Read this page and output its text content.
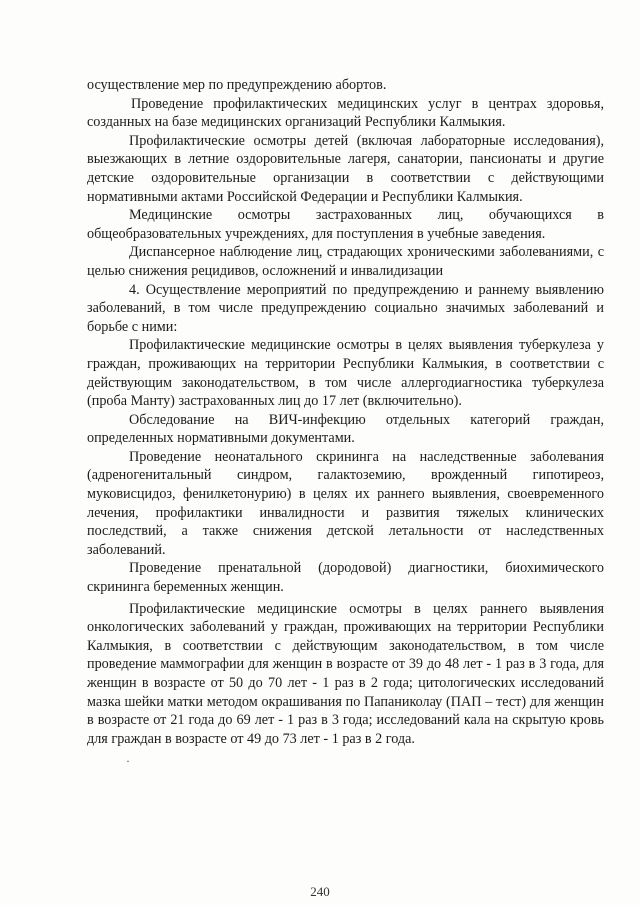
осуществление мер по предупреждению абортов.

Проведение профилактических медицинских услуг в центрах здоровья, созданных на базе медицинских организаций Республики Калмыкия.

Профилактические осмотры детей (включая лабораторные исследования), выезжающих в летние оздоровительные лагеря, санатории, пансионаты и другие детские оздоровительные организации в соответствии с действующими нормативными актами Российской Федерации и Республики Калмыкия.

Медицинские осмотры застрахованных лиц, обучающихся в общеобразовательных учреждениях, для поступления в учебные заведения.

Диспансерное наблюдение лиц, страдающих хроническими заболеваниями, с целью снижения рецидивов, осложнений и инвалидизации

4. Осуществление мероприятий по предупреждению и раннему выявлению заболеваний, в том числе предупреждению социально значимых заболеваний и борьбе с ними:

Профилактические медицинские осмотры в целях выявления туберкулеза у граждан, проживающих на территории Республики Калмыкия, в соответствии с действующим законодательством, в том числе аллергодиагностика туберкулеза (проба Манту) застрахованных лиц до 17 лет (включительно).

Обследование на ВИЧ-инфекцию отдельных категорий граждан, определенных нормативными документами.

Проведение неонатального скрининга на наследственные заболевания (адреногенитальный синдром, галактоземию, врожденный гипотиреоз, муковисцидоз, фенилкетонурию) в целях их раннего выявления, своевременного лечения, профилактики инвалидности и развития тяжелых клинических последствий, а также снижения детской летальности от наследственных заболеваний.

Проведение пренатальной (дородовой) диагностики, биохимического скрининга беременных женщин.

Профилактические медицинские осмотры в целях раннего выявления онкологических заболеваний у граждан, проживающих на территории Республики Калмыкия, в соответствии с действующим законодательством, в том числе проведение маммографии для женщин в возрасте от 39 до 48 лет - 1 раз в 3 года, для женщин в возрасте от 50 до 70 лет - 1 раз в 2 года; цитологических исследований мазка шейки матки методом окрашивания по Папаниколау (ПАП – тест) для женщин в возрасте от 21 года до 69 лет - 1 раз в 3 года; исследований кала на скрытую кровь для граждан в возрасте от 49 до 73 лет - 1 раз в 2 года.

·
240
